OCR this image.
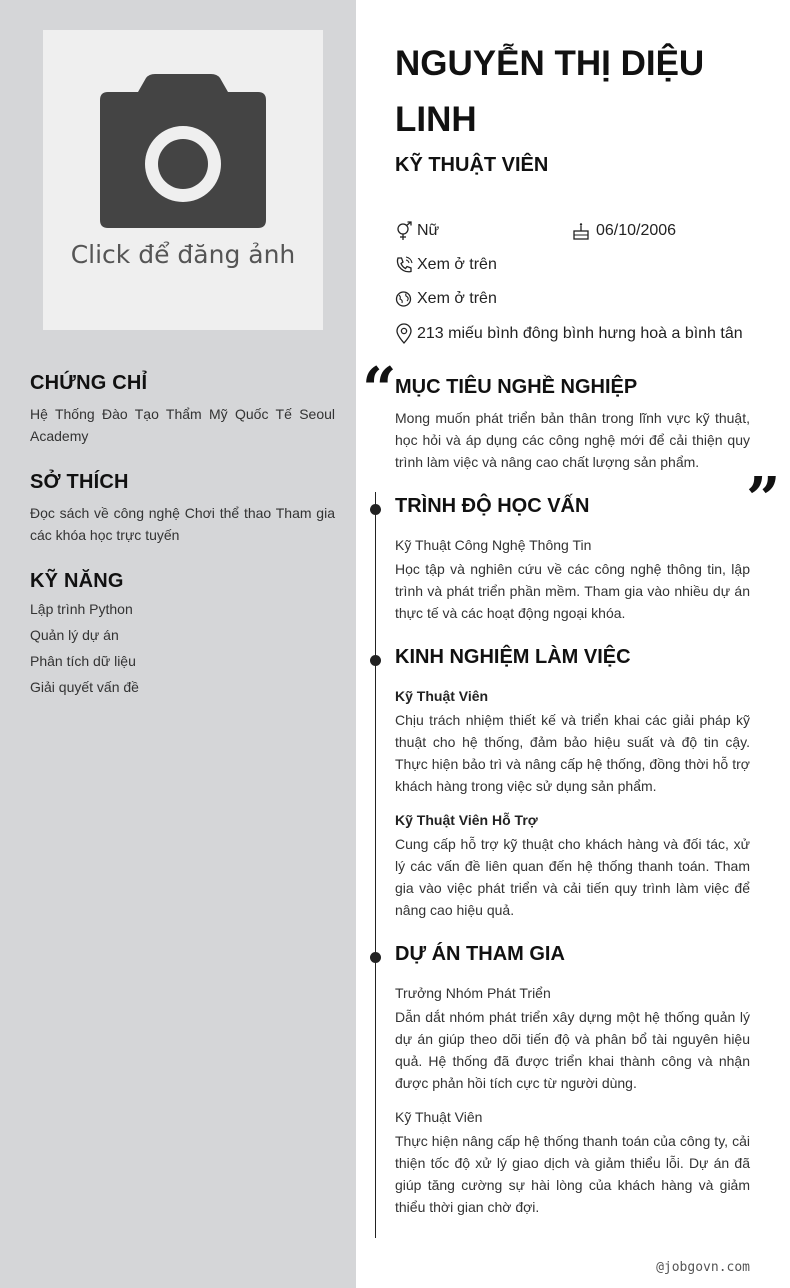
Click để đăng ảnh
CHỨNG CHỈ
Hệ Thống Đào Tạo Thẩm Mỹ Quốc Tế Seoul Academy
SỞ THÍCH
Đọc sách về công nghệ Chơi thể thao Tham gia các khóa học trực tuyến
KỸ NĂNG
Lập trình Python
Quản lý dự án
Phân tích dữ liệu
Giải quyết vấn đề
NGUYỄN THỊ DIỆU LINH
KỸ THUẬT VIÊN
Nữ	06/10/2006
Xem ở trên
Xem ở trên
213 miếu bình đông bình hưng hoà a bình tân
“
”
MỤC TIÊU NGHỀ NGHIỆP
Mong muốn phát triển bản thân trong lĩnh vực kỹ thuật, học hỏi và áp dụng các công nghệ mới để cải thiện quy trình làm việc và nâng cao chất lượng sản phẩm.
TRÌNH ĐỘ HỌC VẤN
Kỹ Thuật Công Nghệ Thông Tin
Học tập và nghiên cứu về các công nghệ thông tin, lập trình và phát triển phần mềm. Tham gia vào nhiều dự án thực tế và các hoạt động ngoại khóa.
KINH NGHIỆM LÀM VIỆC
Kỹ Thuật Viên
Chịu trách nhiệm thiết kế và triển khai các giải pháp kỹ thuật cho hệ thống, đảm bảo hiệu suất và độ tin cậy. Thực hiện bảo trì và nâng cấp hệ thống, đồng thời hỗ trợ khách hàng trong việc sử dụng sản phẩm.
Kỹ Thuật Viên Hỗ Trợ
Cung cấp hỗ trợ kỹ thuật cho khách hàng và đối tác, xử lý các vấn đề liên quan đến hệ thống thanh toán. Tham gia vào việc phát triển và cải tiến quy trình làm việc để nâng cao hiệu quả.
DỰ ÁN THAM GIA
Trưởng Nhóm Phát Triển
Dẫn dắt nhóm phát triển xây dựng một hệ thống quản lý dự án giúp theo dõi tiến độ và phân bổ tài nguyên hiệu quả. Hệ thống đã được triển khai thành công và nhận được phản hồi tích cực từ người dùng.
Kỹ Thuật Viên
Thực hiện nâng cấp hệ thống thanh toán của công ty, cải thiện tốc độ xử lý giao dịch và giảm thiểu lỗi. Dự án đã giúp tăng cường sự hài lòng của khách hàng và giảm thiểu thời gian chờ đợi.
@jobgovn.com
